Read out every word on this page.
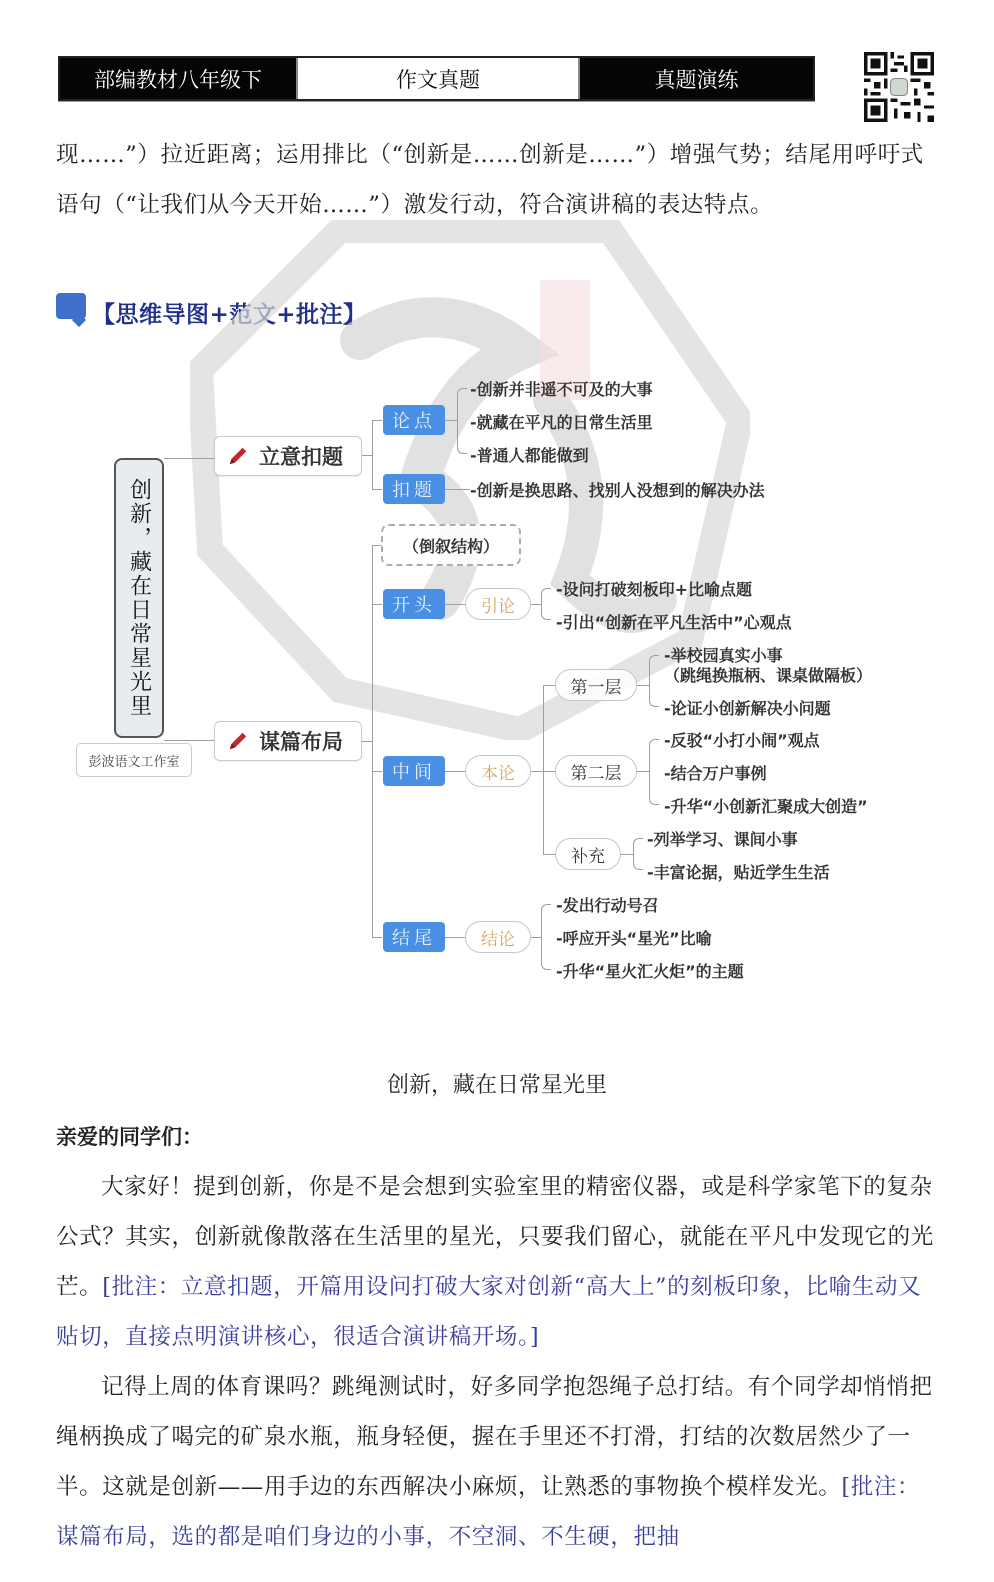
部编教材八年级下	作文真题	真题演练
现……”）拉近距离；运用排比（“创新是……创新是……”）增强气势；结尾用呼吁式语句（“让我们从今天开始……”）激发行动，符合演讲稿的表达特点。
【思维导图+范文+批注】
创新，藏在日常星光里
彭波语文工作室
立意扣题
论点
-创新并非遥不可及的大事
-就藏在平凡的日常生活里
-普通人都能做到
扣题	-创新是换思路、找别人没想到的解决办法
谋篇布局
（倒叙结构）
开头	引论
-设问打破刻板印+比喻点题
-引出“创新在平凡生活中”心观点
中间	本论
第一层
-举校园真实小事
（跳绳换瓶柄、课桌做隔板）
-论证小创新解决小问题
第二层
-反驳“小打小闹”观点
-结合万户事例
-升华“小创新汇聚成大创造”
补充
-列举学习、课间小事
-丰富论据，贴近学生生活
结尾	结论
-发出行动号召
-呼应开头“星光”比喻
-升华“星火汇火炬”的主题
创新，藏在日常星光里
亲爱的同学们：
大家好！提到创新，你是不是会想到实验室里的精密仪器，或是科学家笔下的复杂公式？其实，创新就像散落在生活里的星光，只要我们留心，就能在平凡中发现它的光芒。[批注：立意扣题，开篇用设问打破大家对创新“高大上”的刻板印象，比喻生动又贴切，直接点明演讲核心，很适合演讲稿开场。]
记得上周的体育课吗？跳绳测试时，好多同学抱怨绳子总打结。有个同学却悄悄把绳柄换成了喝完的矿泉水瓶，瓶身轻便，握在手里还不打滑，打结的次数居然少了一半。这就是创新——用手边的东西解决小麻烦，让熟悉的事物换个模样发光。[批注：谋篇布局，选的都是咱们身边的小事，不空洞、不生硬，把抽
